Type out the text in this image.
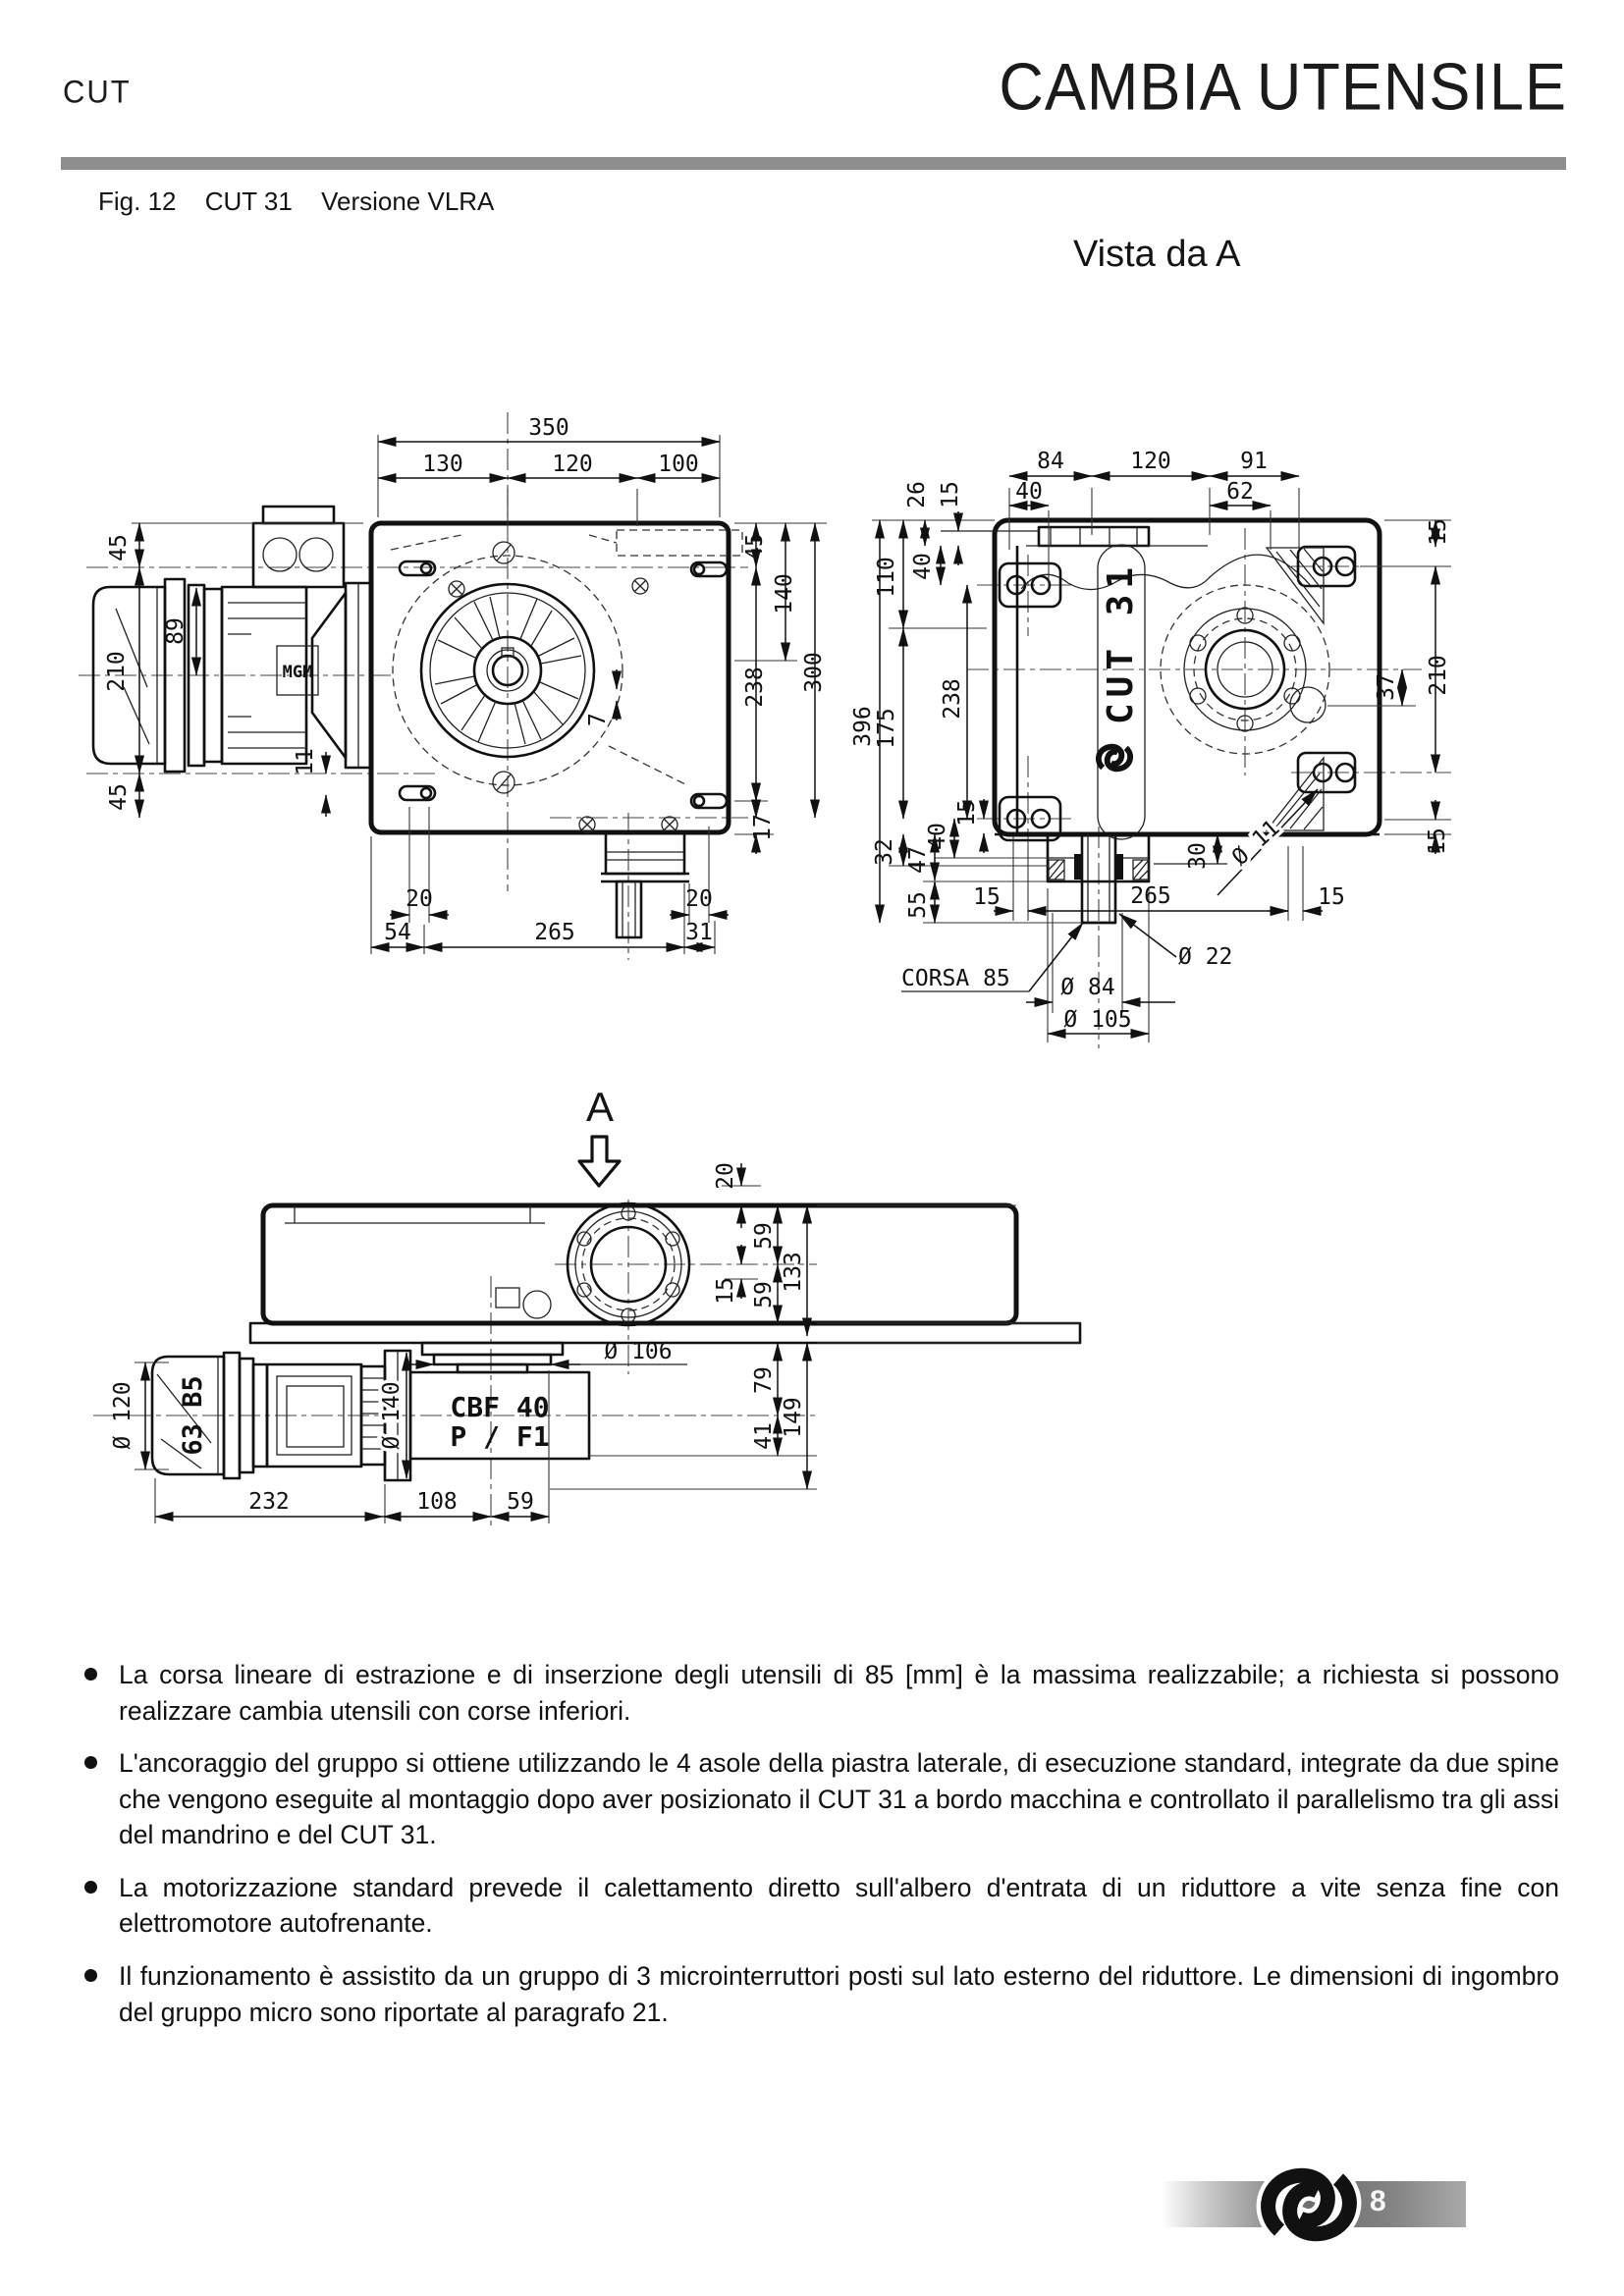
CUT	CAMBIA UTENSILE
Fig. 12 CUT 31 Versione VLRA
Vista da A
MGM
350
130	120	100
45
210
45
89
11
45
238
140
300
17
7
20
54	265
20
31
CUT 31
84	120	91
40	62
26 15
40
110
396
238
175
40
15
32 47
55 15	265	15
30 Ø 11
15
210
37
15
CORSA 85
Ø 22
Ø 84
Ø 105
A
CBF 40
P / F1
63 B5
20
59
15 59
133
79
41 149
Ø 106
Ø 140
Ø 120
232	108 59
La corsa lineare di estrazione e di inserzione degli utensili di 85 [mm] è la massima realizzabile; a richiesta si possono realizzare cambia utensili con corse inferiori.
L'ancoraggio del gruppo si ottiene utilizzando le 4 asole della piastra laterale, di esecuzione standard, integrate da due spine che vengono eseguite al montaggio dopo aver posizionato il CUT 31 a bordo macchina e controllato il parallelismo tra gli assi del mandrino e del CUT 31.
La motorizzazione standard prevede il calettamento diretto sull'albero d'entrata di un riduttore a vite senza fine con elettromotore autofrenante.
Il funzionamento è assistito da un gruppo di 3 microinterruttori posti sul lato esterno del riduttore. Le dimensioni di ingombro del gruppo micro sono riportate al paragrafo 21.
8
